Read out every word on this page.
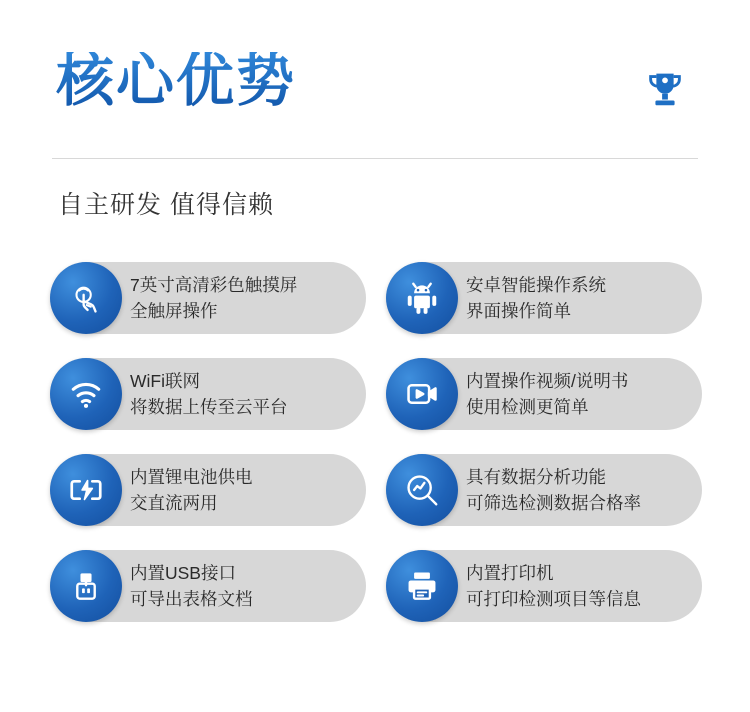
核心优势
自主研发 值得信赖
7英寸高清彩色触摸屏
全触屏操作
安卓智能操作系统
界面操作简单
WiFi联网
将数据上传至云平台
内置操作视频/说明书
使用检测更简单
内置锂电池供电
交直流两用
具有数据分析功能
可筛选检测数据合格率
内置USB接口
可导出表格文档
内置打印机
可打印检测项目等信息
